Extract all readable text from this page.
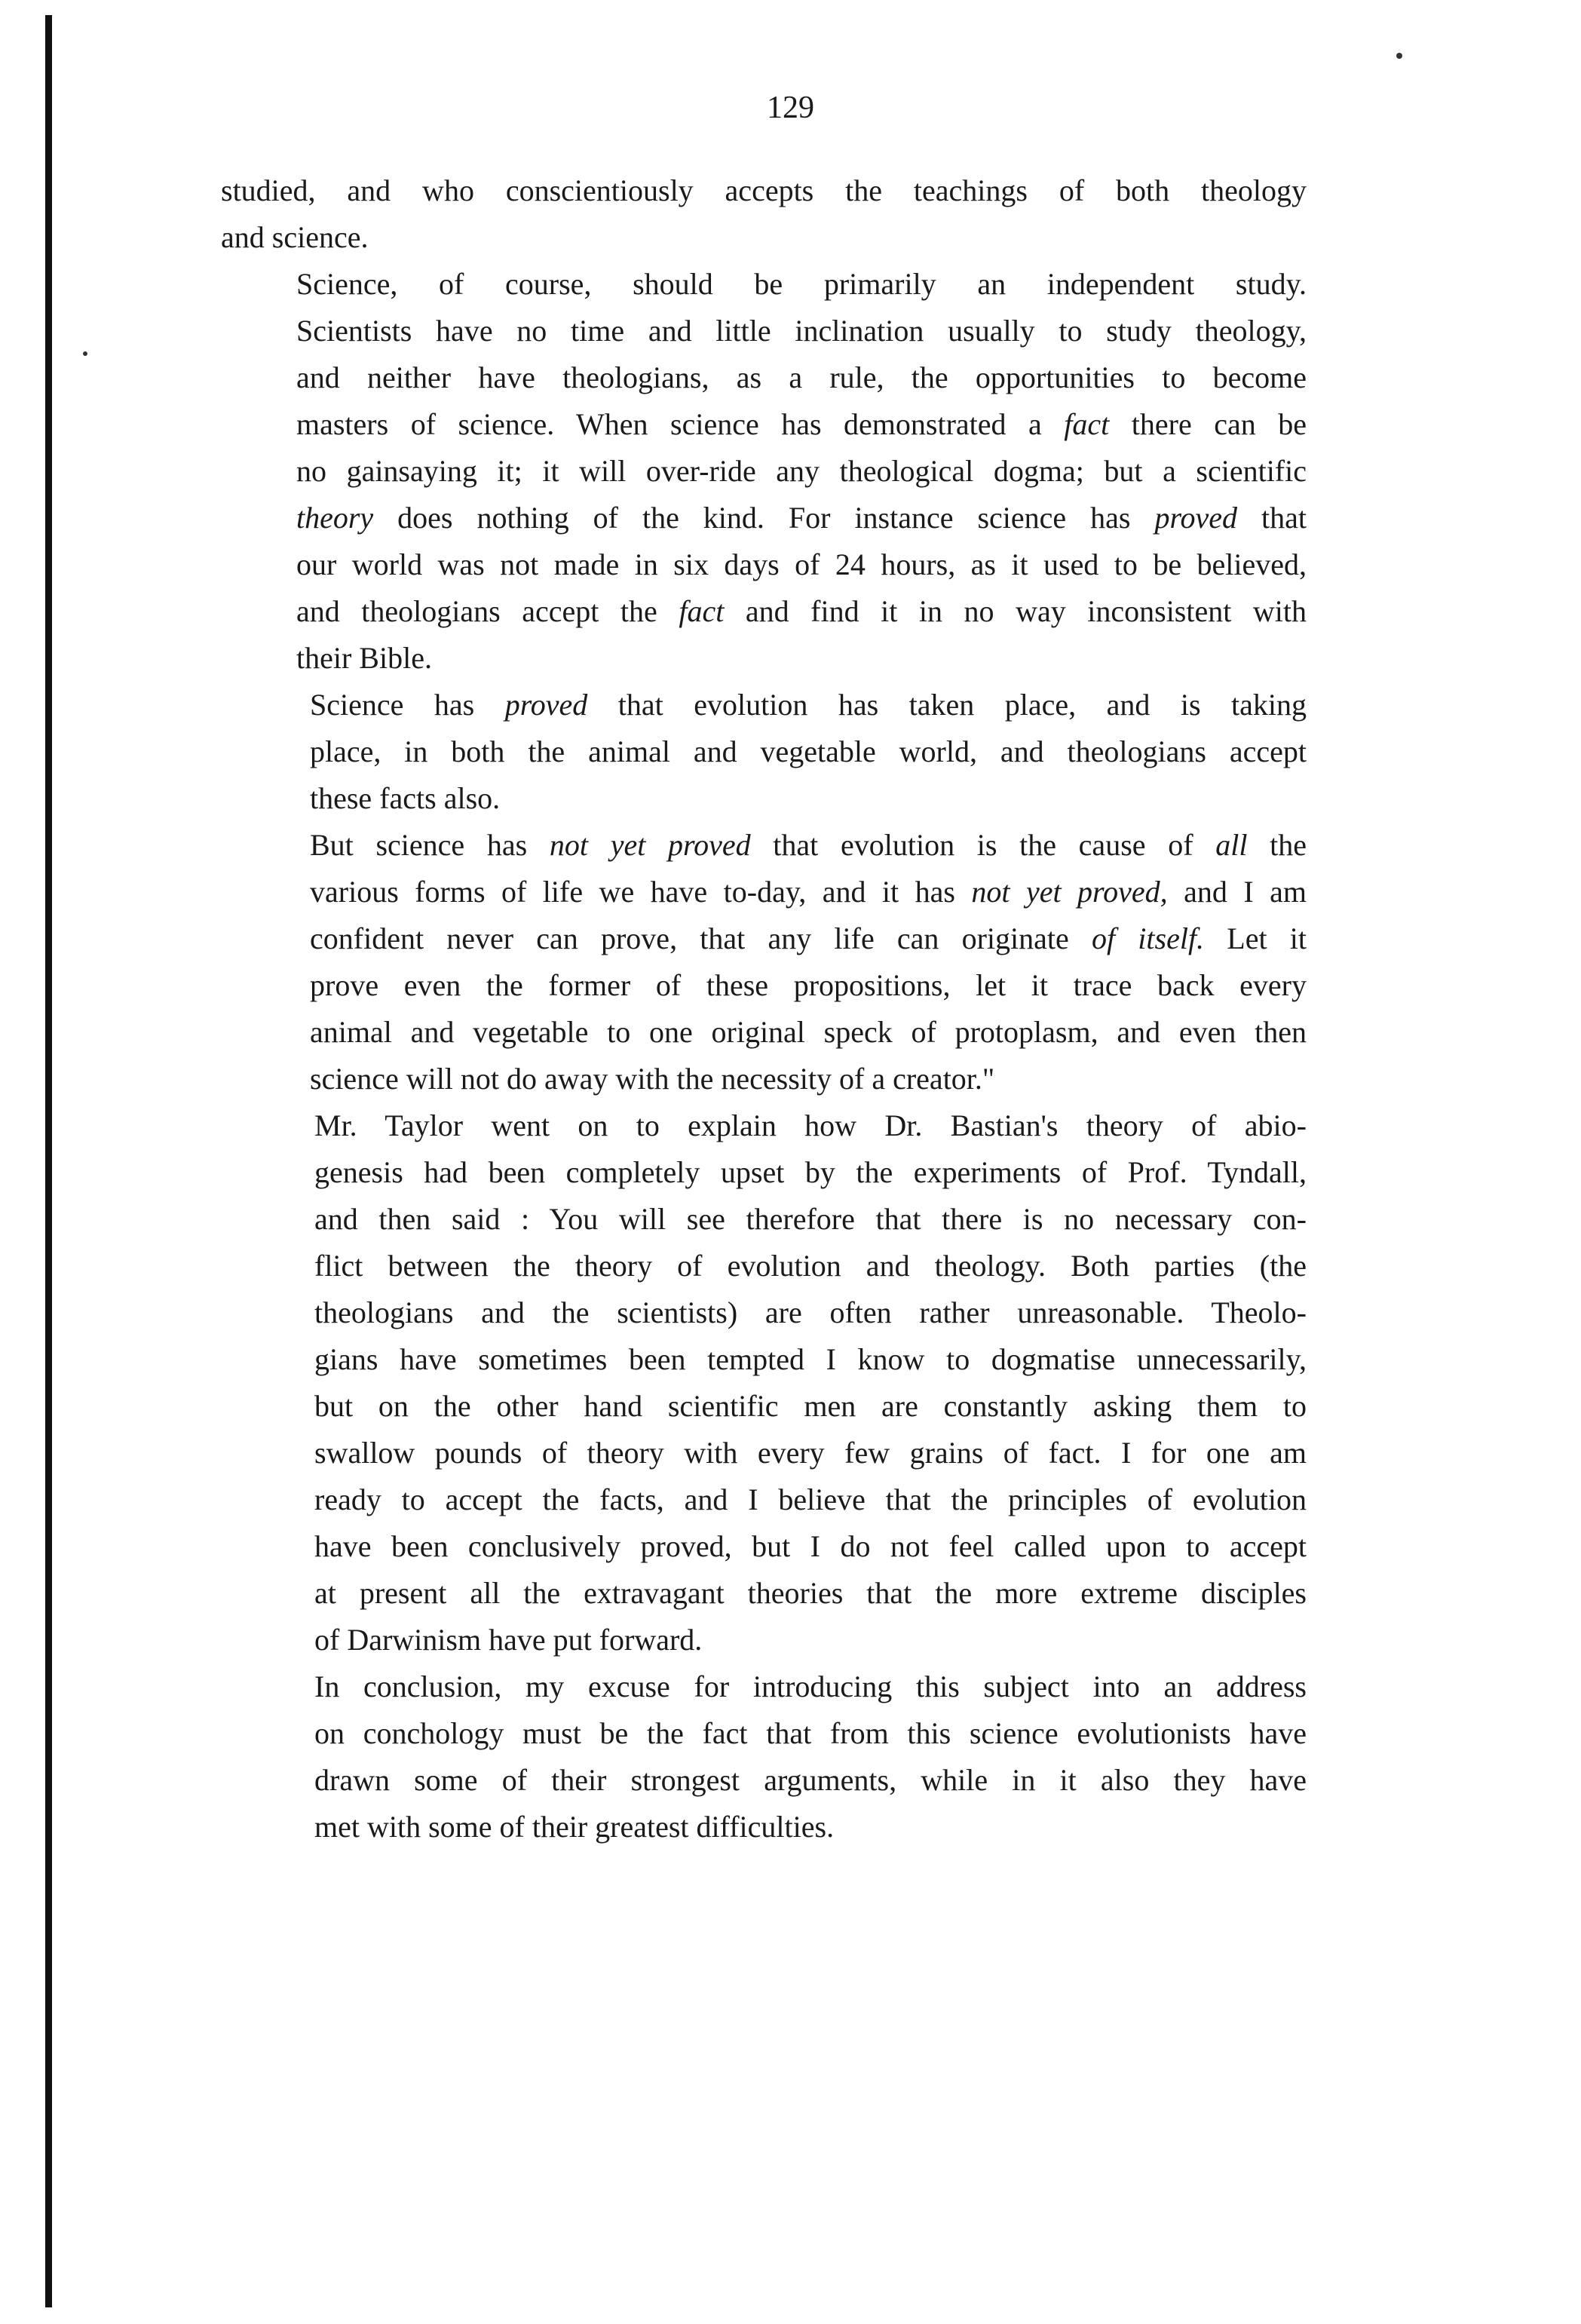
129

studied, and who conscientiously accepts the teachings of both theology
and science.

Science, of course, should be primarily an independent study.
Scientists have no time and little inclination usually to study theology,
and neither have theologians, as a rule, the opportunities to become
masters of science. When science has demonstrated a fact there can be
no gainsaying it; it will over-ride any theological dogma; but a scientific
theory does nothing of the kind. For instance science has proved that
our world was not made in six days of 24 hours, as it used to be believed,
and theologians accept the fact and find it in no way inconsistent with
their Bible.

Science has proved that evolution has taken place, and is taking
place, in both the animal and vegetable world, and theologians accept
these facts also.

But science has not yet proved that evolution is the cause of all the
various forms of life we have to-day, and it has not yet proved, and I am
confident never can prove, that any life can originate of itself. Let it
prove even the former of these propositions, let it trace back every
animal and vegetable to one original speck of protoplasm, and even then
science will not do away with the necessity of a creator."

Mr. Taylor went on to explain how Dr. Bastian's theory of abio-
genesis had been completely upset by the experiments of Prof. Tyndall,
and then said : You will see therefore that there is no necessary con-
flict between the theory of evolution and theology. Both parties (the
theologians and the scientists) are often rather unreasonable. Theolo-
gians have sometimes been tempted I know to dogmatise unnecessarily,
but on the other hand scientific men are constantly asking them to
swallow pounds of theory with every few grains of fact. I for one am
ready to accept the facts, and I believe that the principles of evolution
have been conclusively proved, but I do not feel called upon to accept
at present all the extravagant theories that the more extreme disciples
of Darwinism have put forward.

In conclusion, my excuse for introducing this subject into an address
on conchology must be the fact that from this science evolutionists have
drawn some of their strongest arguments, while in it also they have
met with some of their greatest difficulties.
